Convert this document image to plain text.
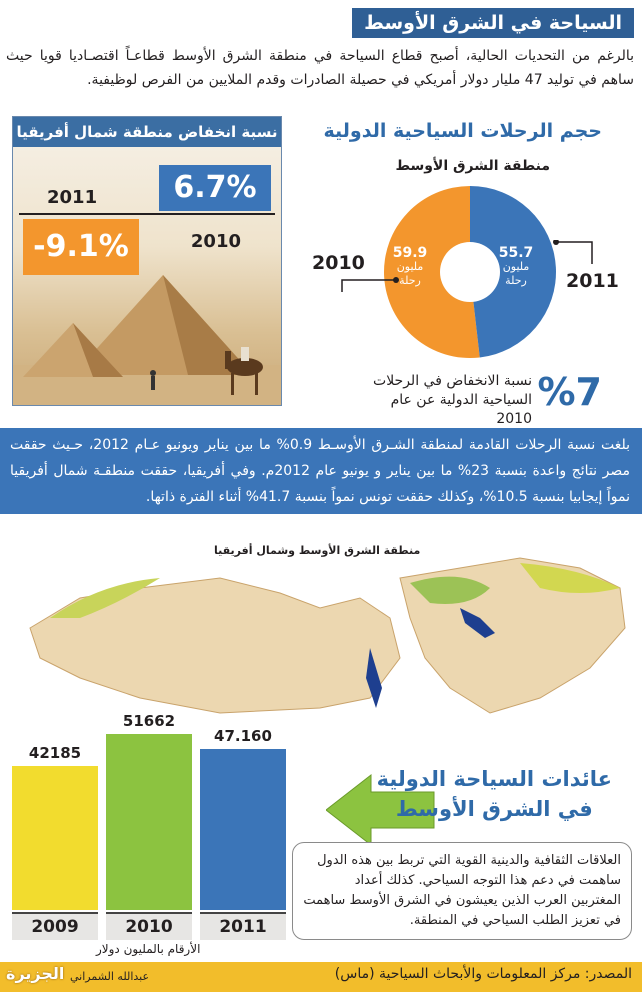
السياحة في الشرق الأوسط
بالرغم من التحديات الحالية، أصبح قطاع السياحة في منطقة الشرق الأوسط قطاعـاً اقتصـاديا قويا حيث ساهم في توليد 47 مليار دولار أمريكي في حصيلة الصادرات وقدم الملايين من الفرص لوظيفية.
نسبة انخفاض منطقة شمال أفريقيا
6.7%
2011
2010
-9.1%
حجم الرحلات السياحية الدولية
منطقة الشرق الأوسط
59.9
مليون
رحلة
55.7
مليون
رحلة
2010
2011
%7
نسبة الانخفاض في الرحلات السياحية الدولية عن عام 2010
بلغت نسبة الرحلات القادمة لمنطقة الشـرق الأوسـط 0.9% ما بين يناير ويونيو عـام 2012، حـيث حققت مصر نتائج واعدة بنسبة 23% ما بين يناير و يونيو عام 2012م. وفي أفريقيا، حققت منطقـة شمال أفريقيا نمواً إيجابيا بنسبة 10.5%، وكذلك حققت تونس نمواً بنسبة 41.7% أثناء الفترة ذاتها.
منطقة الشرق الأوسط وشمال أفريقيا
42185
51662
47.160
2009	2010	2011
الأرقام بالمليون دولار
عائدات السياحة الدولية
في الشرق الأوسط
العلاقات الثقافية والدينية القوية التي تربط بين هذه الدول ساهمت في دعم هذا التوجه السياحي. كذلك أعداد المغتربين العرب الذين يعيشون في الشرق الأوسط ساهمت في تعزيز الطلب السياحي في المنطقة.
المصدر: مركز المعلومات والأبحاث السياحية (ماس)
عبدالله الشمراني
الجزيرة
